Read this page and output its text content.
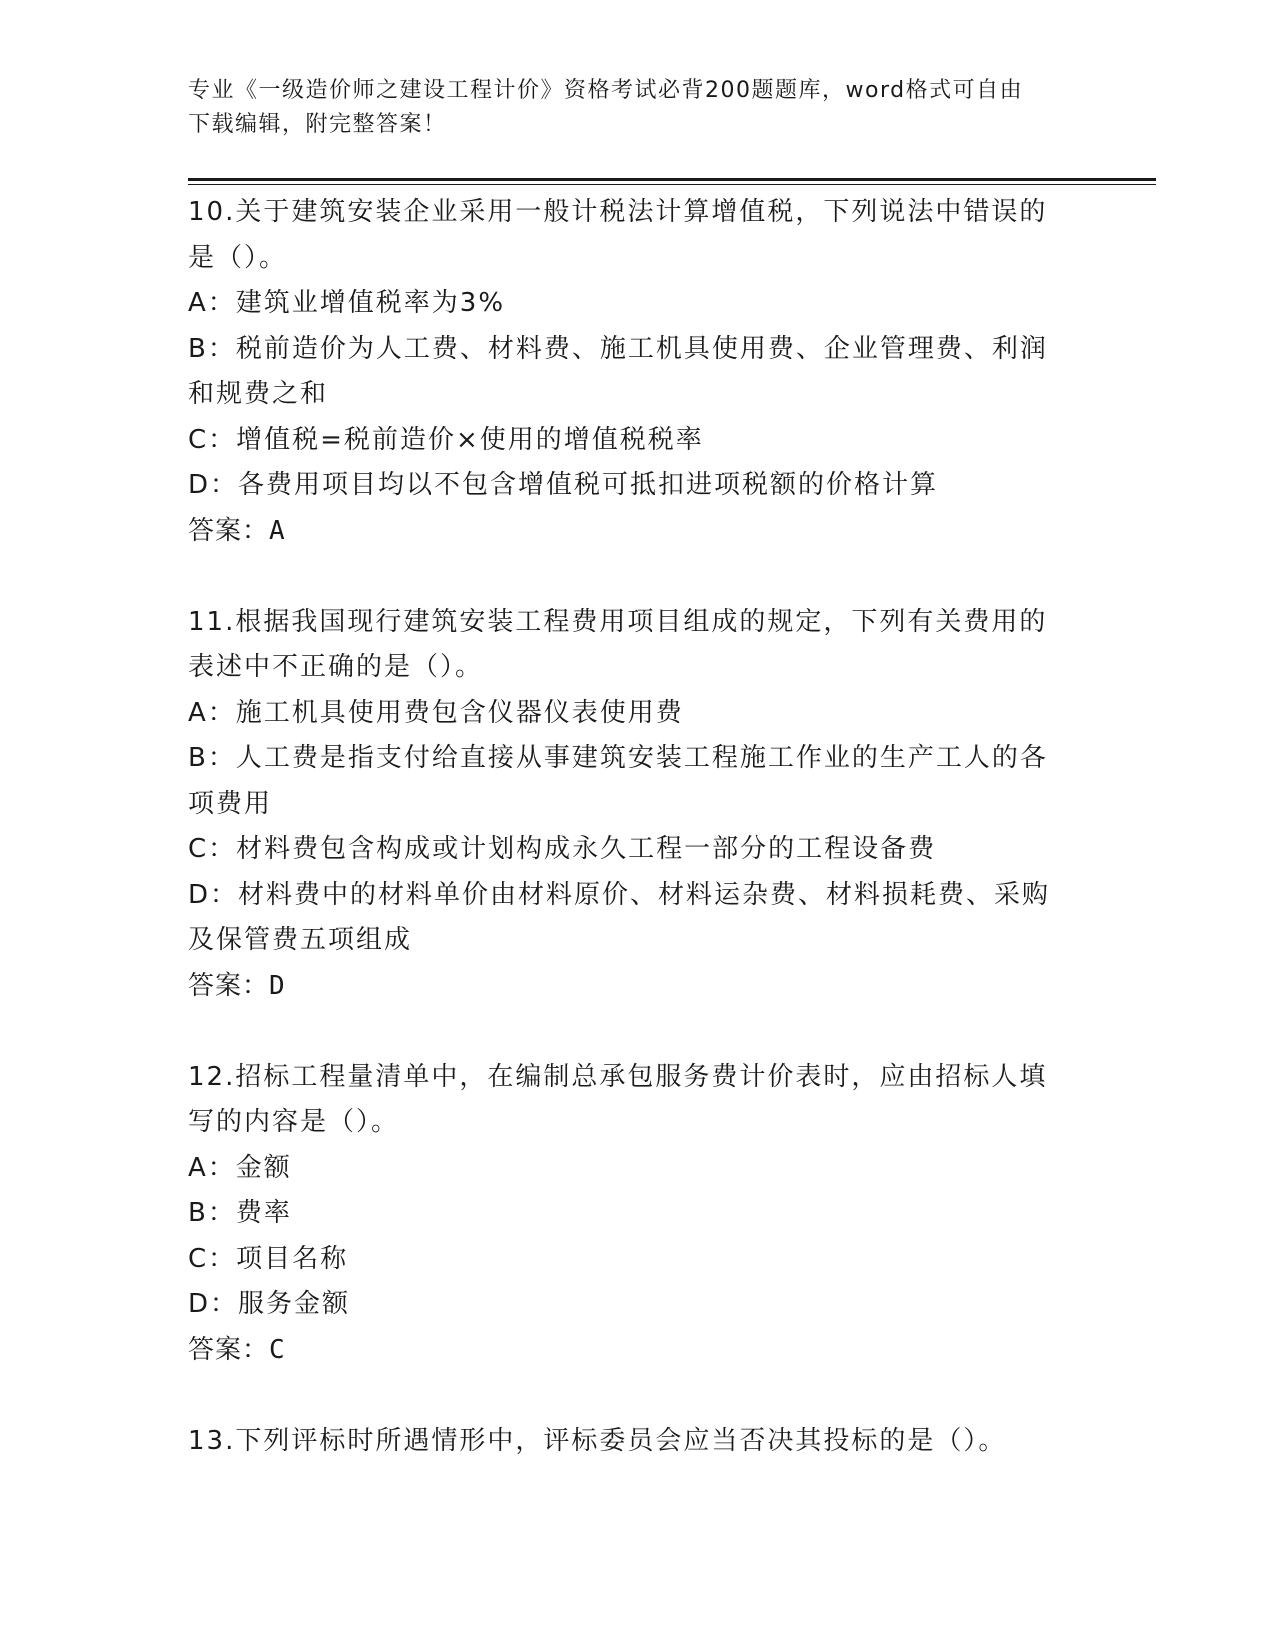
专业《一级造价师之建设工程计价》资格考试必背200题题库，word格式可自由
下载编辑，附完整答案！

10.关于建筑安装企业采用一般计税法计算增值税，下列说法中错误的

是（）。

A：建筑业增值税率为3%

B：税前造价为人工费、材料费、施工机具使用费、企业管理费、利润

和规费之和

C：增值税=税前造价×使用的增值税税率

D：各费用项目均以不包含增值税可抵扣进项税额的价格计算

答案：A

11.根据我国现行建筑安装工程费用项目组成的规定，下列有关费用的

表述中不正确的是（）。

A：施工机具使用费包含仪器仪表使用费

B：人工费是指支付给直接从事建筑安装工程施工作业的生产工人的各

项费用

C：材料费包含构成或计划构成永久工程一部分的工程设备费

D：材料费中的材料单价由材料原价、材料运杂费、材料损耗费、采购

及保管费五项组成

答案：D

12.招标工程量清单中，在编制总承包服务费计价表时，应由招标人填

写的内容是（）。

A：金额

B：费率

C：项目名称

D：服务金额

答案：C

13.下列评标时所遇情形中，评标委员会应当否决其投标的是（）。
